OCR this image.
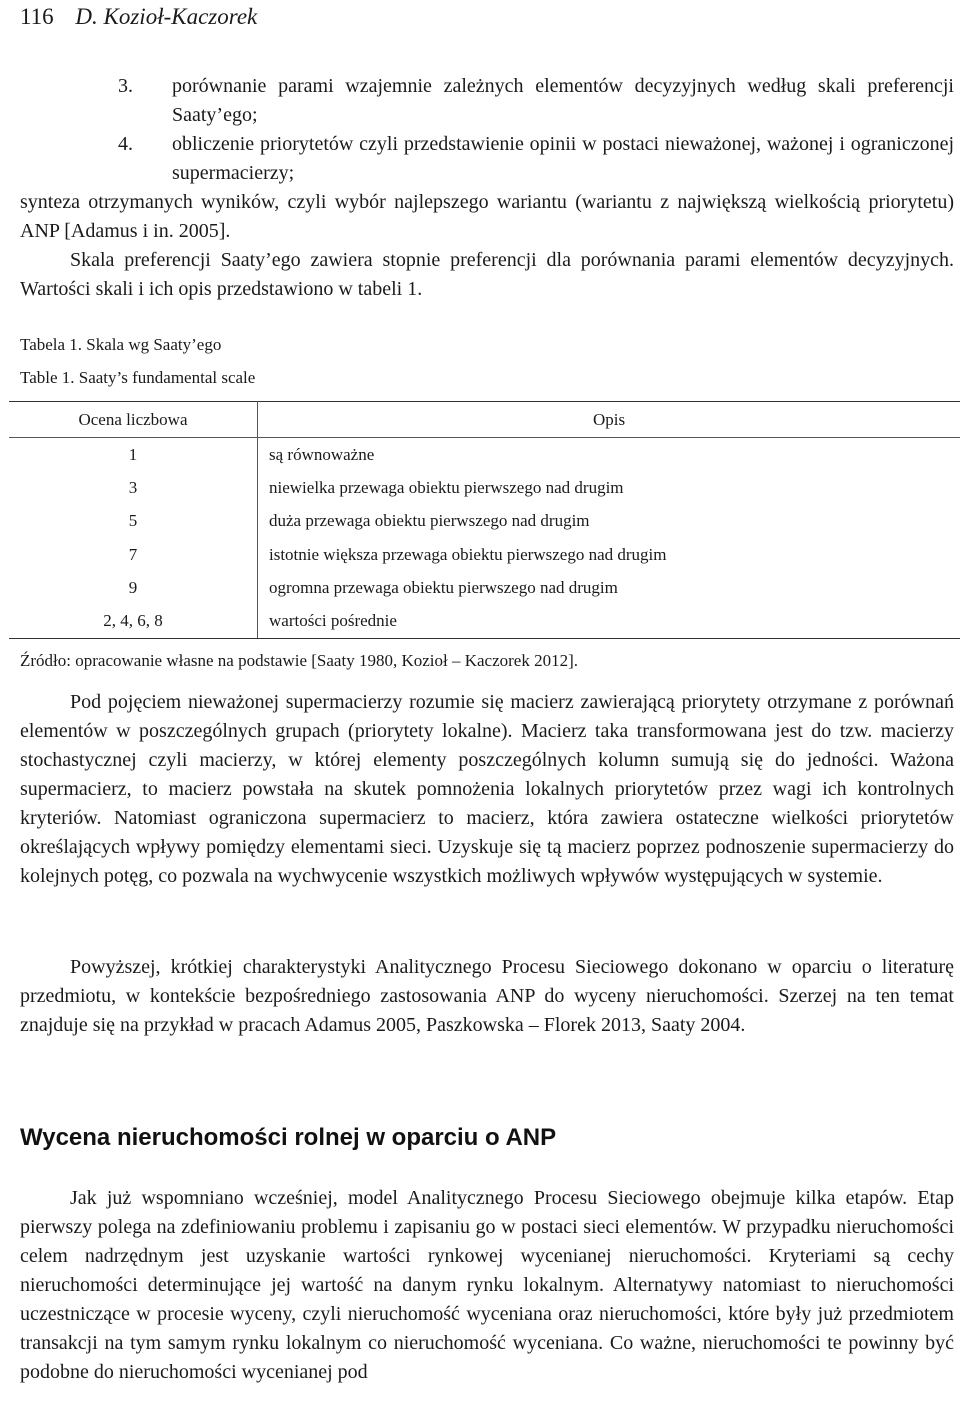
116 D. Kozioł-Kaczorek
3. porównanie parami wzajemnie zależnych elementów decyzyjnych według skali preferencji Saaty’ego;
4. obliczenie priorytetów czyli przedstawienie opinii w postaci nieważonej, ważonej i ograniczonej supermacierzy;
synteza otrzymanych wyników, czyli wybór najlepszego wariantu (wariantu z największą wielkością priorytetu) ANP [Adamus i in. 2005].
Skala preferencji Saaty’ego zawiera stopnie preferencji dla porównania parami elementów decyzyjnych. Wartości skali i ich opis przedstawiono w tabeli 1.
Tabela 1. Skala wg Saaty’ego
Table 1. Saaty’s fundamental scale
Ocena liczbowa	Opis
1	są równoważne
3	niewielka przewaga obiektu pierwszego nad drugim
5	duża przewaga obiektu pierwszego nad drugim
7	istotnie większa przewaga obiektu pierwszego nad drugim
9	ogromna przewaga obiektu pierwszego nad drugim
2, 4, 6, 8	wartości pośrednie
Źródło: opracowanie własne na podstawie [Saaty 1980, Kozioł – Kaczorek 2012].
Pod pojęciem nieważonej supermacierzy rozumie się macierz zawierającą priorytety otrzymane z porównań elementów w poszczególnych grupach (priorytety lokalne). Macierz taka transformowana jest do tzw. macierzy stochastycznej czyli macierzy, w której elementy poszczególnych kolumn sumują się do jedności. Ważona supermacierz, to macierz powstała na skutek pomnożenia lokalnych priorytetów przez wagi ich kontrolnych kryteriów. Natomiast ograniczona supermacierz to macierz, która zawiera ostateczne wielkości priorytetów określających wpływy pomiędzy elementami sieci. Uzyskuje się tą macierz poprzez podnoszenie supermacierzy do kolejnych potęg, co pozwala na wychwycenie wszystkich możliwych wpływów występujących w systemie.
Powyższej, krótkiej charakterystyki Analitycznego Procesu Sieciowego dokonano w oparciu o literaturę przedmiotu, w kontekście bezpośredniego zastosowania ANP do wyceny nieruchomości. Szerzej na ten temat znajduje się na przykład w pracach Adamus 2005, Paszkowska – Florek 2013, Saaty 2004.
Wycena nieruchomości rolnej w oparciu o ANP
Jak już wspomniano wcześniej, model Analitycznego Procesu Sieciowego obejmuje kilka etapów. Etap pierwszy polega na zdefiniowaniu problemu i zapisaniu go w postaci sieci elementów. W przypadku nieruchomości celem nadrzędnym jest uzyskanie wartości rynkowej wycenianej nieruchomości. Kryteriami są cechy nieruchomości determinujące jej wartość na danym rynku lokalnym. Alternatywy natomiast to nieruchomości uczestniczące w procesie wyceny, czyli nieruchomość wyceniana oraz nieruchomości, które były już przedmiotem transakcji na tym samym rynku lokalnym co nieruchomość wyceniana. Co ważne, nieruchomości te powinny być podobne do nieruchomości wycenianej pod
